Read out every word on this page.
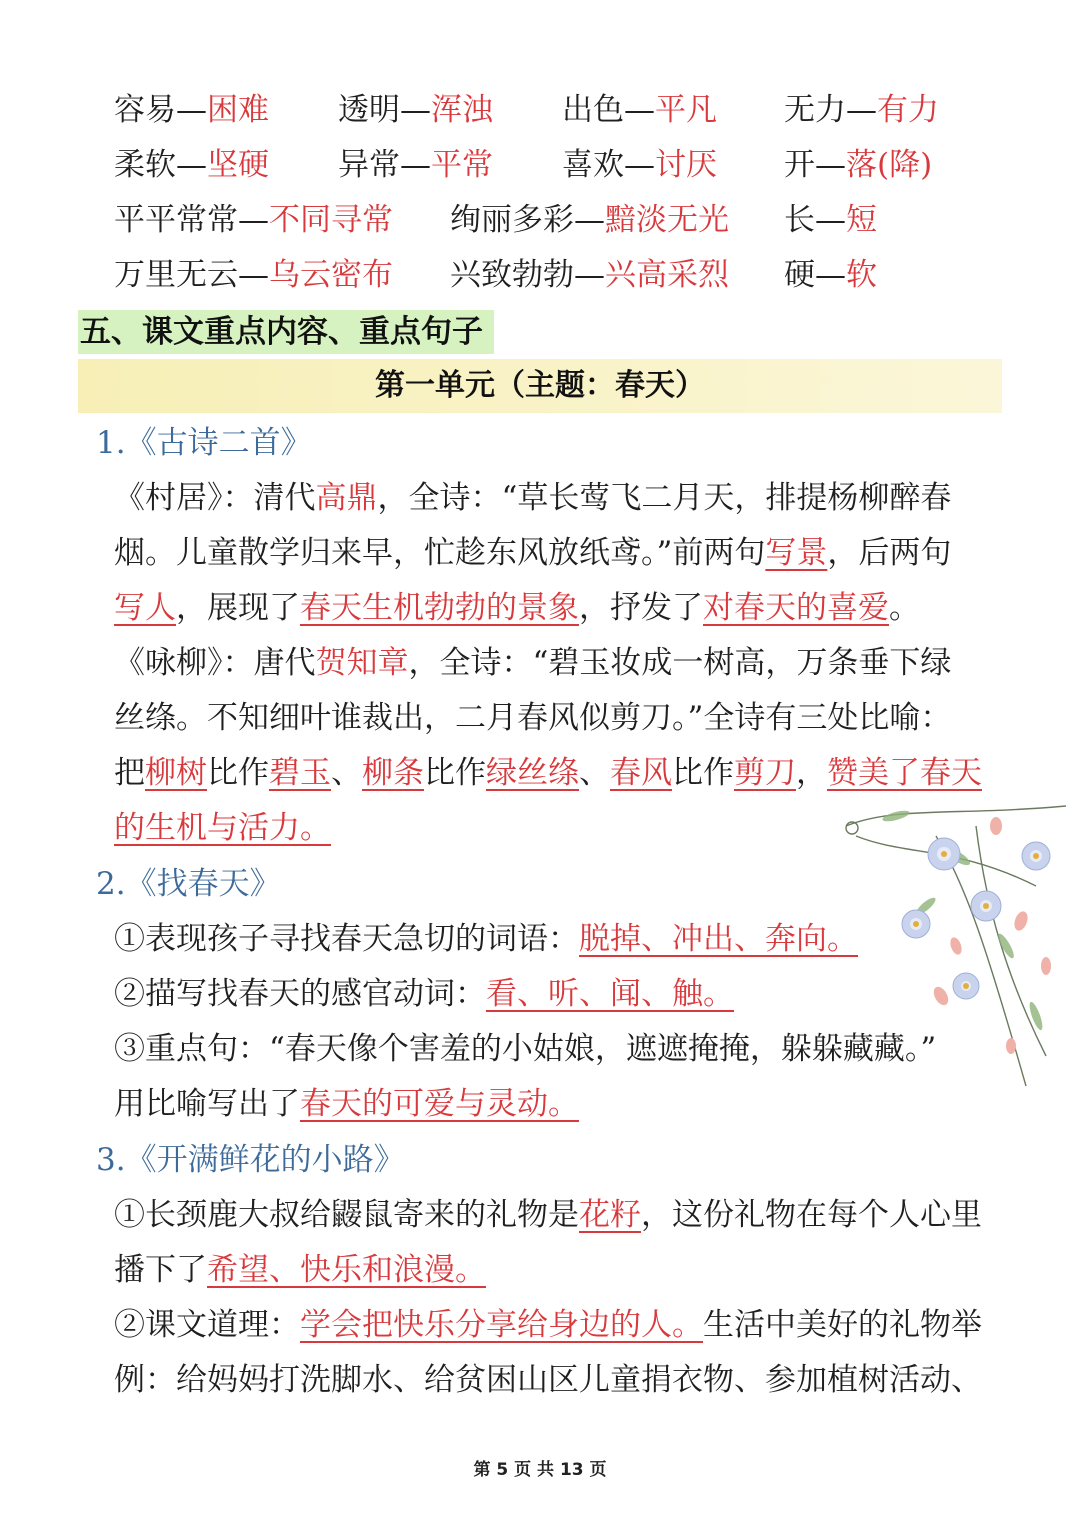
容易—困难 透明—浑浊 出色—平凡 无力—有力
柔软—坚硬 异常—平常 喜欢—讨厌 开—落(降)
平平常常—不同寻常 绚丽多彩—黯淡无光 长—短
万里无云—乌云密布 兴致勃勃—兴高采烈 硬—软
五、课文重点内容、重点句子
第一单元（主题：春天）
1.《古诗二首》
《村居》：清代高鼎，全诗：“草长莺飞二月天，排提杨柳醉春
烟。儿童散学归来早，忙趁东风放纸鸢。”前两句写景，后两句
写人，展现了春天生机勃勃的景象，抒发了对春天的喜爱。
《咏柳》：唐代贺知章，全诗：“碧玉妆成一树高，万条垂下绿
丝绦。不知细叶谁裁出，二月春风似剪刀。”全诗有三处比喻：
把柳树比作碧玉、柳条比作绿丝绦、春风比作剪刀，赞美了春天
的生机与活力。
2.《找春天》
①表现孩子寻找春天急切的词语：脱掉、冲出、奔向。
②描写找春天的感官动词：看、听、闻、触。
③重点句：“春天像个害羞的小姑娘，遮遮掩掩，躲躲藏藏。”
用比喻写出了春天的可爱与灵动。
3.《开满鲜花的小路》
①长颈鹿大叔给鼹鼠寄来的礼物是花籽，这份礼物在每个人心里
播下了希望、快乐和浪漫。
②课文道理：学会把快乐分享给身边的人。生活中美好的礼物举
例：给妈妈打洗脚水、给贫困山区儿童捐衣物、参加植树活动、
第 5 页 共 13 页
